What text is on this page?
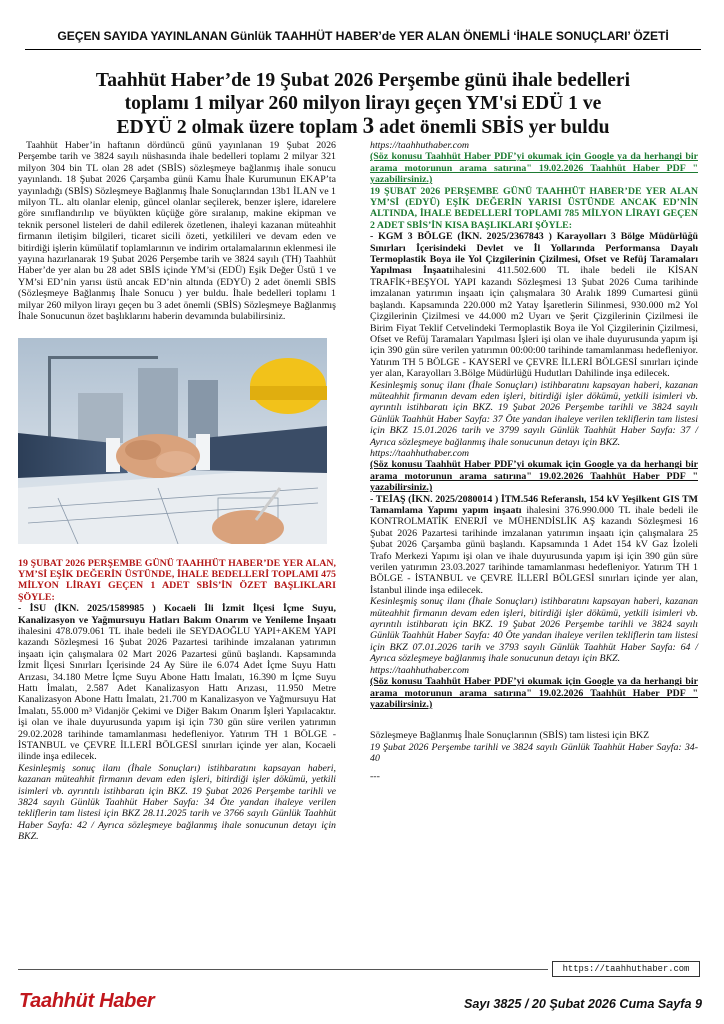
GEÇEN SAYIDA YAYINLANAN Günlük TAAHHÜT HABER’de YER ALAN ÖNEMLİ ‘İHALE SONUÇLARI’ ÖZETİ
Taahhüt Haber’de 19 Şubat 2026 Perşembe günü ihale bedelleri
toplamı 1 milyar 260 milyon lirayı geçen YM'si EDÜ 1 ve
EDYÜ 2 olmak üzere toplam 3 adet önemli SBİS yer buldu

Taahhüt Haber’in haftanın dördüncü günü yayınlanan 19 Şubat 2026 Perşembe tarih ve 3824 sayılı nüshasında ihale bedelleri toplamı 2 milyar 321 milyon 304 bin TL olan 28 adet (SBİS) sözleşmeye bağlanmış ihale sonucu yayınlandı. 18 Şubat 2026 Çarşamba günü Kamu İhale Kurumunun EKAP’ta yayınladığı (SBİS) Sözleşmeye Bağlanmış İhale Sonuçlarından 13b1 İLAN ve 1 milyon TL. altı olanlar elenip, güncel olanlar seçilerek, benzer işlere, idarelere göre sınıflandırılıp ve büyükten küçüğe göre sıralanıp, makine ekipman ve teknik personel listeleri de dahil edilerek özetlenen, ihaleyi kazanan müteahhit firmanın iletişim bilgileri, ticaret sicili özeti, yetkilileri ve devam eden ve bitirdiği işlerin kümülatif toplamlarının ve indirim ortalamalarının eklenmesi ile yayına hazırlanarak 19 Şubat 2026 Perşembe tarih ve 3824 sayılı (TH) Taahhüt Haber’de yer alan bu 28 adet SBİS içinde YM’si (EDÜ) Eşik Değer Üstü 1 ve YM’si ED’nin yarısı üstü ancak ED’nin altında (EDYÜ) 2 adet önemli SBİS (Sözleşmeye Bağlanmış İhale Sonucu ) yer buldu. İhale bedelleri toplamı 1 milyar 260 milyon lirayı geçen bu 3 adet önemli (SBİS) Sözleşmeye Bağlanmış İhale Sonucunun özet başlıklarını haberin devamında bulabilirsiniz.

19 ŞUBAT 2026 PERŞEMBE GÜNÜ TAAHHÜT HABER’DE YER ALAN, YM’Sİ EŞİK DEĞERİN ÜSTÜNDE, İHALE BEDELLERİ TOPLAMI 475 MİLYON LİRAYI GEÇEN 1 ADET SBİS’İN ÖZET BAŞLIKLARI ŞÖYLE:

- İSU (İKN. 2025/1589985 ) Kocaeli İli İzmit İlçesi İçme Suyu, Kanalizasyon ve Yağmursuyu Hatları Bakım Onarım ve Yenileme İnşaatı ihalesini 478.079.061 TL ihale bedeli ile SEYDAOĞLU YAPI+AKEM YAPI kazandı Sözleşmesi 16 Şubat 2026 Pazartesi tarihinde imzalanan yatırımın inşaatı için çalışmalara 02 Mart 2026 Pazartesi günü başlandı. Kapsamında İzmit İlçesi Sınırları İçerisinde 24 Ay Süre ile 6.074 Adet İçme Suyu Hattı Arızası, 34.180 Metre İçme Suyu Abone Hattı İmalatı, 16.390 m İçme Suyu Hattı İmalatı, 2.587 Adet Kanalizasyon Hattı Arızası, 11.950 Metre Kanalizasyon Abone Hattı İmalatı, 21.700 m Kanalizasyon ve Yağmursuyu Hat İmalatı, 55.000 m³ Vidanjör Çekimi ve Diğer Bakım Onarım İşleri Yapılacaktır. işi olan ve ihale duyurusunda yapım işi için 730 gün süre verilen yatırımın 29.02.2028 tarihinde tamamlanması hedefleniyor. Yatırım TH 1 BÖLGE - İSTANBUL ve ÇEVRE İLLERİ BÖLGESİ sınırları içinde yer alan, Kocaeli ilinde inşa edilecek.

Kesinleşmiş sonuç ilanı (İhale Sonuçları) istihbaratını kapsayan haberi, kazanan müteahhit firmanın devam eden işleri, bitirdiği işler dökümü, yetkili isimleri vb. ayrıntılı istihbaratı için BKZ. 19 Şubat 2026 Perşembe tarihli ve 3824 sayılı Günlük Taahhüt Haber Sayfa: 34 Öte yandan ihaleye verilen tekliflerin tam listesi için BKZ 28.11.2025 tarih ve 3766 sayılı Günlük Taahhüt Haber Sayfa: 42 / Ayrıca sözleşmeye bağlanmış ihale sonucunun detayı için BKZ.

https://taahhuthaber.com

(Söz konusu Taahhüt Haber PDF’yi okumak için Google ya da herhangi bir arama motorunun arama satırına" 19.02.2026 Taahhüt Haber PDF " yazabilirsiniz.)

19 ŞUBAT 2026 PERŞEMBE GÜNÜ TAAHHÜT HABER’DE YER ALAN YM’Sİ (EDYÜ) EŞİK DEĞERİN YARISI ÜSTÜNDE ANCAK ED’NİN ALTINDA, İHALE BEDELLERİ TOPLAMI 785 MİLYON LİRAYI GEÇEN 2 ADET SBİS’İN KISA BAŞLIKLARI ŞÖYLE:

- KGM 3 BÖLGE (İKN. 2025/2367843 ) Karayolları 3 Bölge Müdürlüğü Sınırları İçerisindeki Devlet ve İl Yollarında Performansa Dayalı Termoplastik Boya ile Yol Çizgilerinin Çizilmesi, Ofset ve Refüj Taramaları Yapılması İnşaatıihalesini 411.502.600 TL ihale bedeli ile KİSAN TRAFİK+BEŞYOL YAPI kazandı Sözleşmesi 13 Şubat 2026 Cuma tarihinde imzalanan yatırımın inşaatı için çalışmalara 30 Aralık 1899 Cumartesi günü başlandı. Kapsamında 220.000 m2 Yatay İşaretlerin Silinmesi, 930.000 m2 Yol Çizgilerinin Çizilmesi ve 44.000 m2 Uyarı ve Şerit Çizgilerinin Çizilmesi ile Birim Fiyat Teklif Cetvelindeki Termoplastik Boya ile Yol Çizgilerinin Çizilmesi, Ofset ve Refüj Taramaları Yapılması İşleri işi olan ve ihale duyurusunda yapım işi için 390 gün süre verilen yatırımın 00:00:00 tarihinde tamamlanması hedefleniyor. Yatırım TH 5 BÖLGE - KAYSERİ ve ÇEVRE İLLERİ BÖLGESİ sınırları içinde yer alan, Karayolları 3.Bölge Müdürlüğü Hudutları Dahilinde inşa edilecek.

Kesinleşmiş sonuç ilanı (İhale Sonuçları) istihbaratını kapsayan haberi, kazanan müteahhit firmanın devam eden işleri, bitirdiği işler dökümü, yetkili isimleri vb. ayrıntılı istihbaratı için BKZ. 19 Şubat 2026 Perşembe tarihli ve 3824 sayılı Günlük Taahhüt Haber Sayfa: 37 Öte yandan ihaleye verilen tekliflerin tam listesi için BKZ 15.01.2026 tarih ve 3799 sayılı Günlük Taahhüt Haber Sayfa: 37 / Ayrıca sözleşmeye bağlanmış ihale sonucunun detayı için BKZ.

https://taahhuthaber.com

(Söz konusu Taahhüt Haber PDF’yi okumak için Google ya da herhangi bir arama motorunun arama satırına" 19.02.2026 Taahhüt Haber PDF " yazabilirsiniz.)

- TEİAŞ (İKN. 2025/2080014 ) İTM.546 Referanslı, 154 kV Yeşilkent GIS TM Tamamlama Yapımı yapım inşaatı ihalesini 376.990.000 TL ihale bedeli ile KONTROLMATİK ENERJİ ve MÜHENDİSLİK AŞ kazandı Sözleşmesi 16 Şubat 2026 Pazartesi tarihinde imzalanan yatırımın inşaatı için çalışmalara 25 Şubat 2026 Çarşamba günü başlandı. Kapsamında 1 Adet 154 kV Gaz İzoleli Trafo Merkezi Yapımı işi olan ve ihale duyurusunda yapım işi için 390 gün süre verilen yatırımın 23.03.2027 tarihinde tamamlanması hedefleniyor. Yatırım TH 1 BÖLGE - İSTANBUL ve ÇEVRE İLLERİ BÖLGESİ sınırları içinde yer alan, İstanbul ilinde inşa edilecek.

Kesinleşmiş sonuç ilanı (İhale Sonuçları) istihbaratını kapsayan haberi, kazanan müteahhit firmanın devam eden işleri, bitirdiği işler dökümü, yetkili isimleri vb. ayrıntılı istihbaratı için BKZ. 19 Şubat 2026 Perşembe tarihli ve 3824 sayılı Günlük Taahhüt Haber Sayfa: 40 Öte yandan ihaleye verilen tekliflerin tam listesi için BKZ 07.01.2026 tarih ve 3793 sayılı Günlük Taahhüt Haber Sayfa: 64 / Ayrıca sözleşmeye bağlanmış ihale sonucunun detayı için BKZ.

https://taahhuthaber.com

(Söz konusu Taahhüt Haber PDF’yi okumak için Google ya da herhangi bir arama motorunun arama satırına" 19.02.2026 Taahhüt Haber PDF " yazabilirsiniz.)

Sözleşmeye Bağlanmış İhale Sonuçlarının (SBİS) tam listesi için BKZ

19 Şubat 2026 Perşembe tarihli ve 3824 sayılı Günlük Taahhüt Haber Sayfa: 34-40

---

https://taahhuthaber.com
Taahhüt Haber	Sayı 3825 / 20 Şubat 2026 Cuma Sayfa 9
